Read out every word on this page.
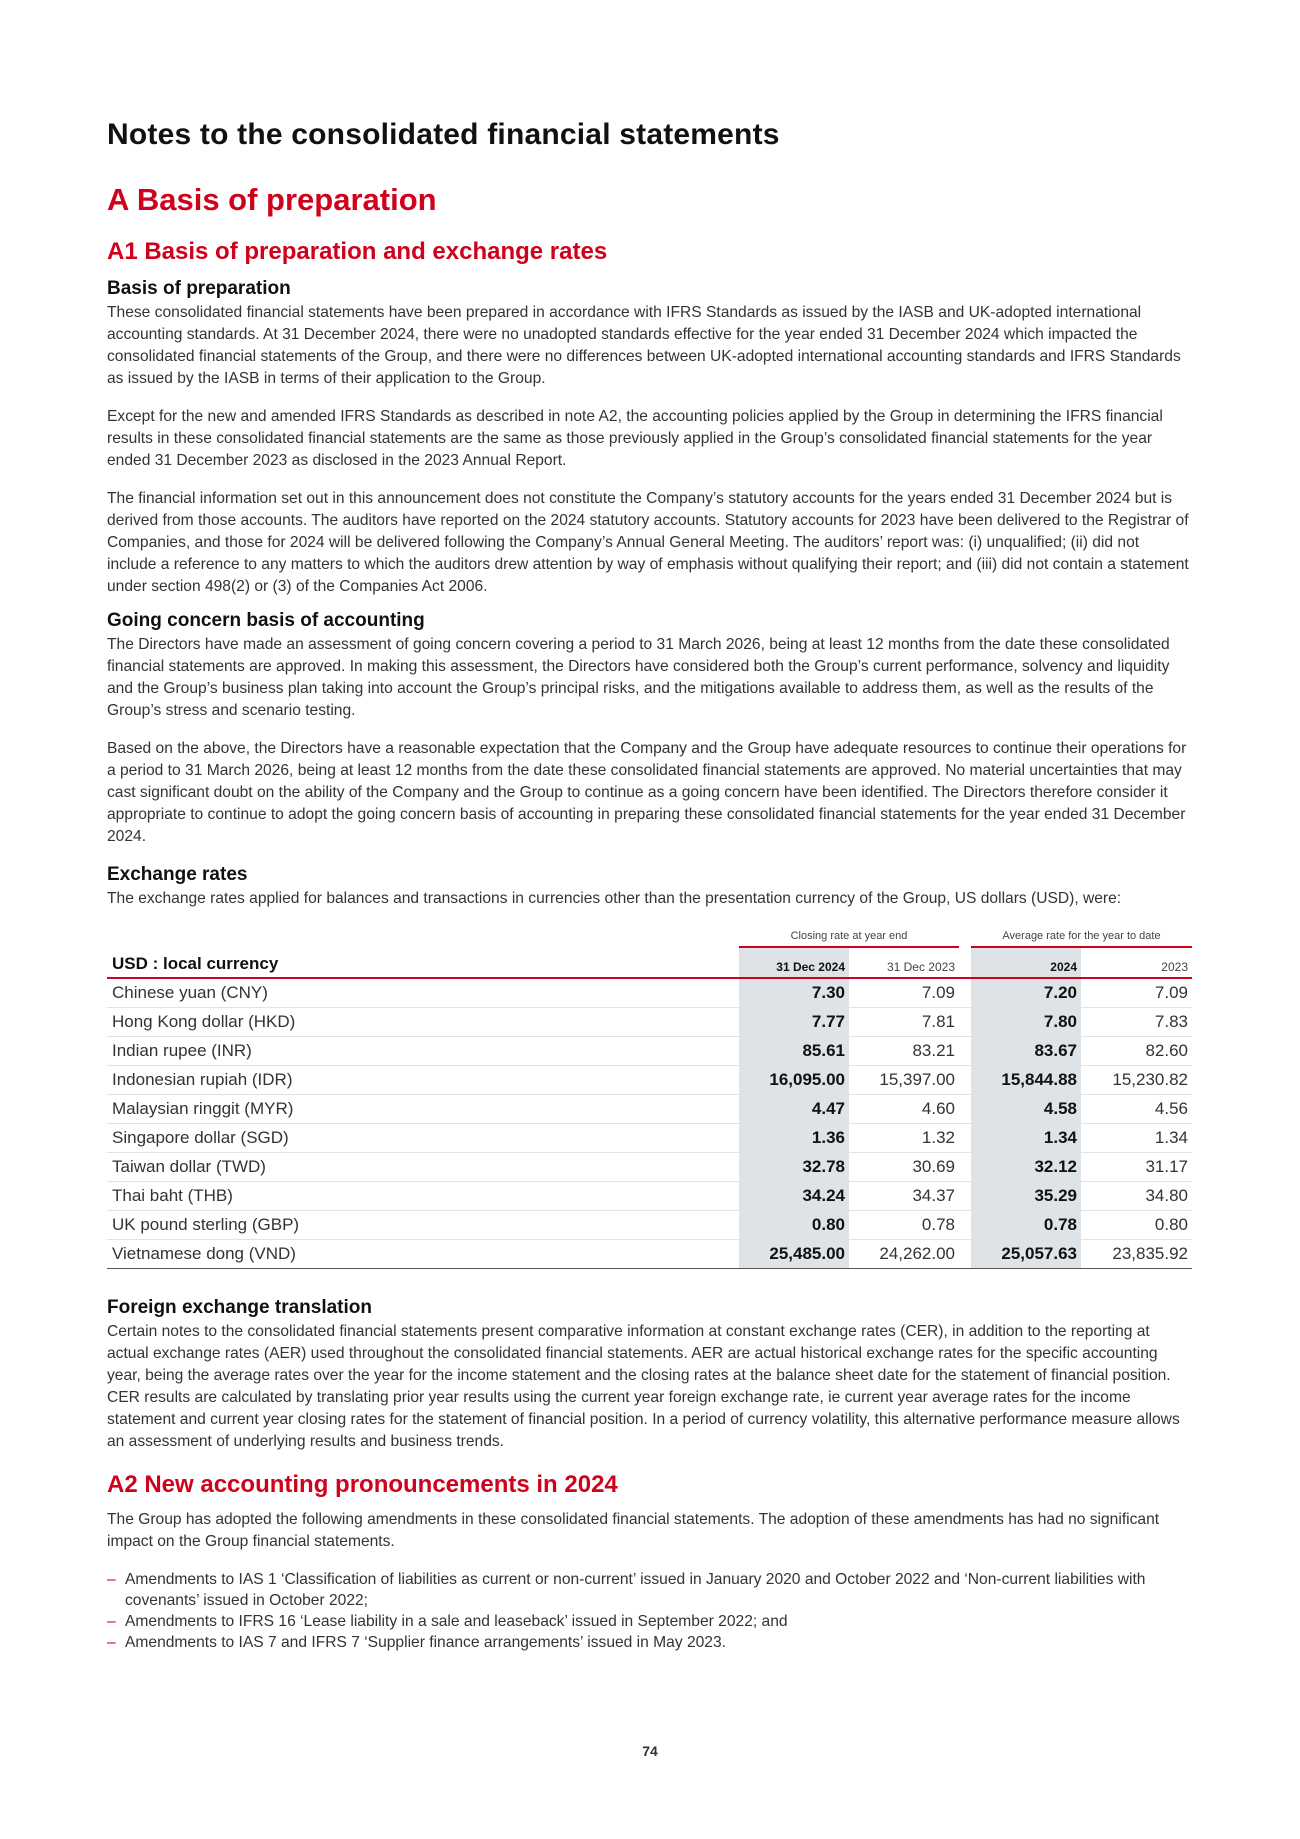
Notes to the consolidated financial statements
A Basis of preparation
A1 Basis of preparation and exchange rates
Basis of preparation

These consolidated financial statements have been prepared in accordance with IFRS Standards as issued by the IASB and UK-adopted international accounting standards. At 31 December 2024, there were no unadopted standards effective for the year ended 31 December 2024 which impacted the consolidated financial statements of the Group, and there were no differences between UK-adopted international accounting standards and IFRS Standards as issued by the IASB in terms of their application to the Group.

Except for the new and amended IFRS Standards as described in note A2, the accounting policies applied by the Group in determining the IFRS financial results in these consolidated financial statements are the same as those previously applied in the Group’s consolidated financial statements for the year ended 31 December 2023 as disclosed in the 2023 Annual Report.

The financial information set out in this announcement does not constitute the Company’s statutory accounts for the years ended 31 December 2024 but is derived from those accounts. The auditors have reported on the 2024 statutory accounts. Statutory accounts for 2023 have been delivered to the Registrar of Companies, and those for 2024 will be delivered following the Company’s Annual General Meeting. The auditors’ report was: (i) unqualified; (ii) did not include a reference to any matters to which the auditors drew attention by way of emphasis without qualifying their report; and (iii) did not contain a statement under section 498(2) or (3) of the Companies Act 2006.

Going concern basis of accounting

The Directors have made an assessment of going concern covering a period to 31 March 2026, being at least 12 months from the date these consolidated financial statements are approved. In making this assessment, the Directors have considered both the Group’s current performance, solvency and liquidity and the Group’s business plan taking into account the Group’s principal risks, and the mitigations available to address them, as well as the results of the Group’s stress and scenario testing.

Based on the above, the Directors have a reasonable expectation that the Company and the Group have adequate resources to continue their operations for a period to 31 March 2026, being at least 12 months from the date these consolidated financial statements are approved. No material uncertainties that may cast significant doubt on the ability of the Company and the Group to continue as a going concern have been identified. The Directors therefore consider it appropriate to continue to adopt the going concern basis of accounting in preparing these consolidated financial statements for the year ended 31 December 2024.

Exchange rates

The exchange rates applied for balances and transactions in currencies other than the presentation currency of the Group, US dollars (USD), were:

	Closing rate at year end			Average rate for the year to date	

USD : local currency	31 Dec 2024	31 Dec 2023		2024	2023
Chinese yuan (CNY)	7.30	7.09		7.20	7.09
Hong Kong dollar (HKD)	7.77	7.81		7.80	7.83
Indian rupee (INR)	85.61	83.21		83.67	82.60
Indonesian rupiah (IDR)	16,095.00	15,397.00		15,844.88	15,230.82
Malaysian ringgit (MYR)	4.47	4.60		4.58	4.56
Singapore dollar (SGD)	1.36	1.32		1.34	1.34
Taiwan dollar (TWD)	32.78	30.69		32.12	31.17
Thai baht (THB)	34.24	34.37		35.29	34.80
UK pound sterling (GBP)	0.80	0.78		0.78	0.80
Vietnamese dong (VND)	25,485.00	24,262.00		25,057.63	23,835.92
Foreign exchange translation

Certain notes to the consolidated financial statements present comparative information at constant exchange rates (CER), in addition to the reporting at actual exchange rates (AER) used throughout the consolidated financial statements. AER are actual historical exchange rates for the specific accounting year, being the average rates over the year for the income statement and the closing rates at the balance sheet date for the statement of financial position. CER results are calculated by translating prior year results using the current year foreign exchange rate, ie current year average rates for the income statement and current year closing rates for the statement of financial position. In a period of currency volatility, this alternative performance measure allows an assessment of underlying results and business trends.

A2 New accounting pronouncements in 2024

The Group has adopted the following amendments in these consolidated financial statements. The adoption of these amendments has had no significant impact on the Group financial statements.

– Amendments to IAS 1 ‘Classification of liabilities as current or non-current’ issued in January 2020 and October 2022 and ‘Non-current liabilities with covenants’ issued in October 2022;
– Amendments to IFRS 16 ‘Lease liability in a sale and leaseback’ issued in September 2022; and
– Amendments to IAS 7 and IFRS 7 ‘Supplier finance arrangements’ issued in May 2023.
74
